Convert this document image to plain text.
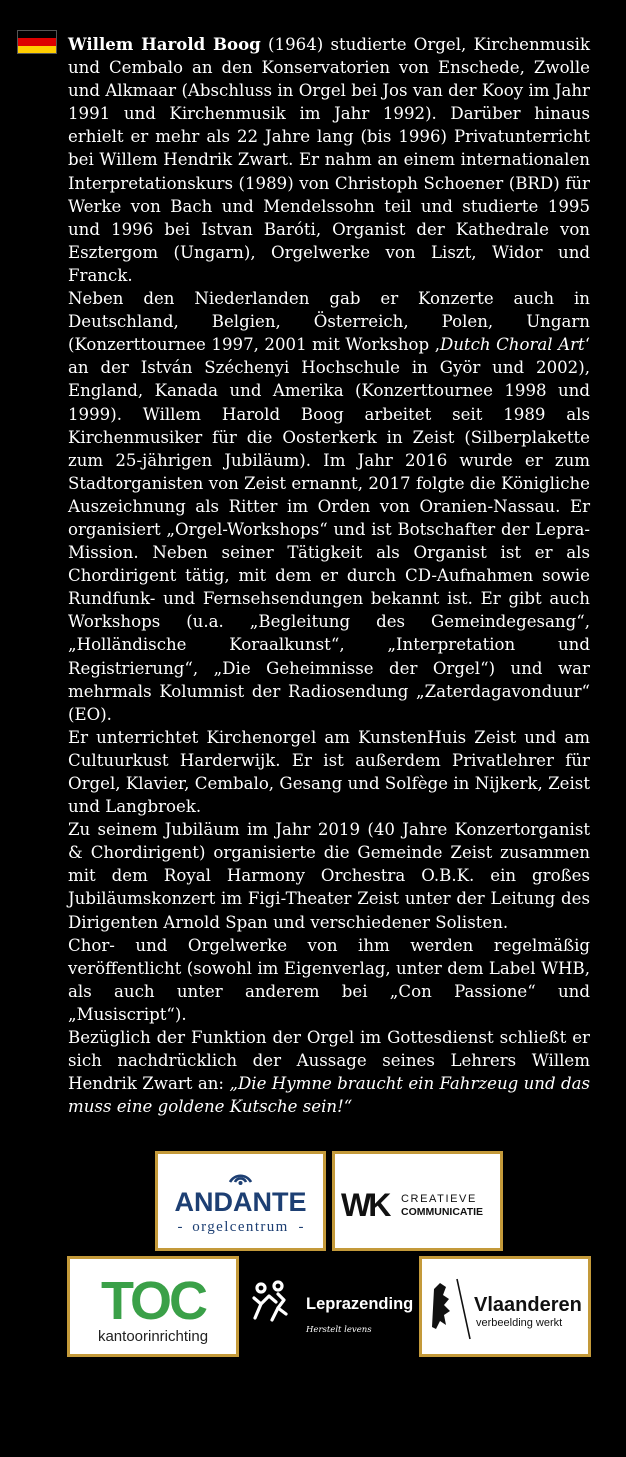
Willem Harold Boog (1964) studierte Orgel, Kirchenmusik und Cembalo an den Konservatorien von Enschede, Zwolle und Alkmaar (Abschluss in Orgel bei Jos van der Kooy im Jahr 1991 und Kirchenmusik im Jahr 1992). Darüber hinaus erhielt er mehr als 22 Jahre lang (bis 1996) Privatunterricht bei Willem Hendrik Zwart. Er nahm an einem internationalen Interpretationskurs (1989) von Christoph Schoener (BRD) für Werke von Bach und Mendelssohn teil und studierte 1995 und 1996 bei Istvan Baróti, Organist der Kathedrale von Esztergom (Ungarn), Orgelwerke von Liszt, Widor und Franck.

Neben den Niederlanden gab er Konzerte auch in Deutschland, Belgien, Österreich, Polen, Ungarn (Konzerttournee 1997, 2001 mit Workshop ‚Dutch Choral Art‘ an der István Széchenyi Hochschule in Györ und 2002), England, Kanada und Amerika (Konzerttournee 1998 und 1999). Willem Harold Boog arbeitet seit 1989 als Kirchenmusiker für die Oosterkerk in Zeist (Silberplakette zum 25-jährigen Jubiläum). Im Jahr 2016 wurde er zum Stadtorganisten von Zeist ernannt, 2017 folgte die Königliche Auszeichnung als Ritter im Orden von Oranien-Nassau. Er organisiert „Orgel-Workshops“ und ist Botschafter der Lepra-Mission. Neben seiner Tätigkeit als Organist ist er als Chordirigent tätig, mit dem er durch CD-Aufnahmen sowie Rundfunk- und Fernsehsendungen bekannt ist. Er gibt auch Workshops (u.a. „Begleitung des Gemeindegesang“, „Holländische Koraalkunst“, „Interpretation und Registrierung“, „Die Geheimnisse der Orgel“) und war mehrmals Kolumnist der Radiosendung „Zaterdagavonduur“ (EO).

Er unterrichtet Kirchenorgel am KunstenHuis Zeist und am Cultuurkust Harderwijk. Er ist außerdem Privatlehrer für Orgel, Klavier, Cembalo, Gesang und Solfège in Nijkerk, Zeist und Langbroek.

Zu seinem Jubiläum im Jahr 2019 (40 Jahre Konzertorganist & Chordirigent) organisierte die Gemeinde Zeist zusammen mit dem Royal Harmony Orchestra O.B.K. ein großes Jubiläumskonzert im Figi-Theater Zeist unter der Leitung des Dirigenten Arnold Span und verschiedener Solisten.

Chor- und Orgelwerke von ihm werden regelmäßig veröffentlicht (sowohl im Eigenverlag, unter dem Label WHB, als auch unter anderem bei „Con Passione“ und „Musiscript“).

Bezüglich der Funktion der Orgel im Gottesdienst schließt er sich nachdrücklich der Aussage seines Lehrers Willem Hendrik Zwart an: „Die Hymne braucht ein Fahrzeug und das muss eine goldene Kutsche sein!“

ANDANTE
- orgelcentrum -
WK CREATIEVE
COMMUNICATIE
TOC
kantoorinrichting
Leprazending
Herstelt levens
Vlaanderen
verbeelding werkt
